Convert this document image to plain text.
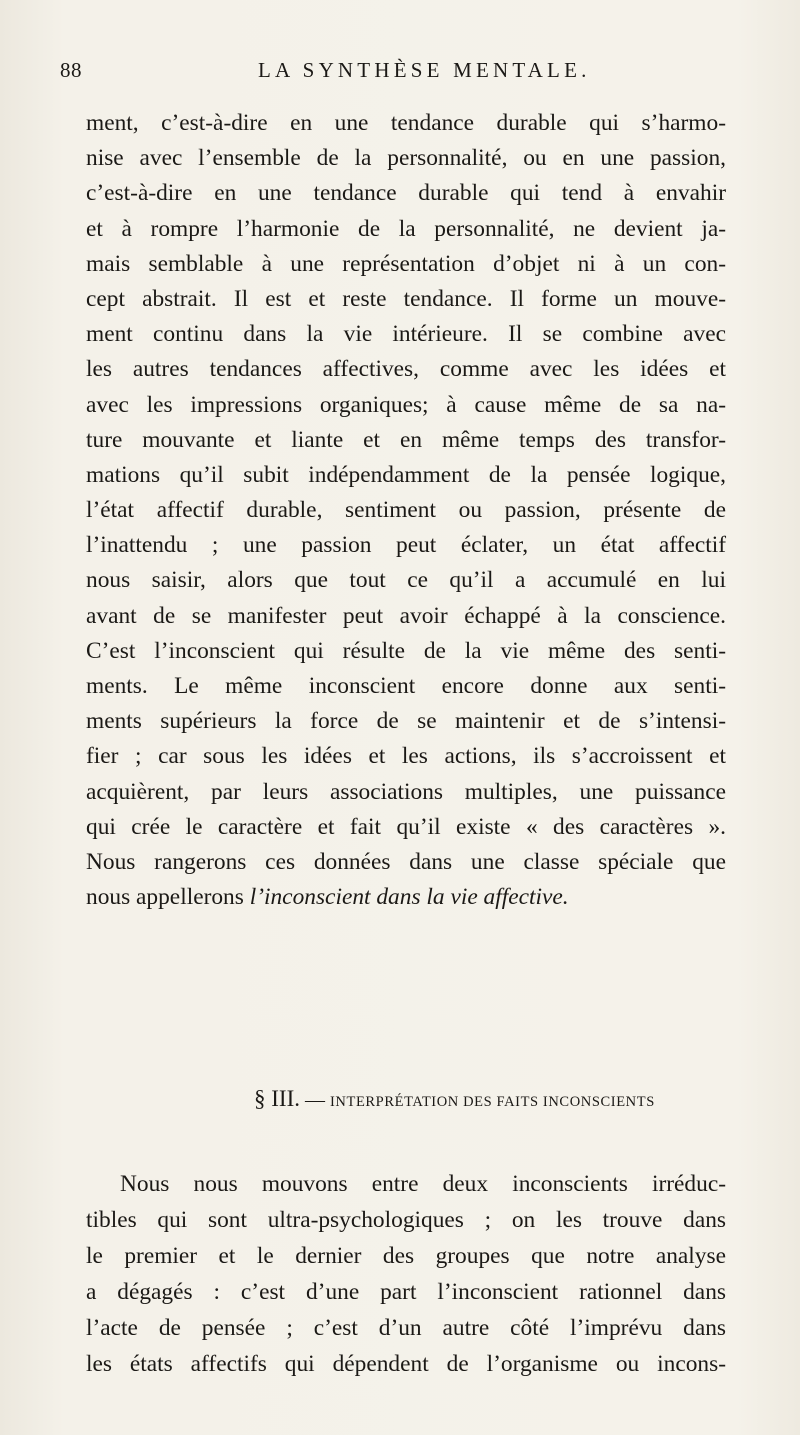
88	LA SYNTHÈSE MENTALE.
ment, c’est-à-dire en une tendance durable qui s’harmo-
nise avec l’ensemble de la personnalité, ou en une passion,
c’est-à-dire en une tendance durable qui tend à envahir
et à rompre l’harmonie de la personnalité, ne devient ja-
mais semblable à une représentation d’objet ni à un con-
cept abstrait. Il est et reste tendance. Il forme un mouve-
ment continu dans la vie intérieure. Il se combine avec
les autres tendances affectives, comme avec les idées et
avec les impressions organiques; à cause même de sa na-
ture mouvante et liante et en même temps des transfor-
mations qu’il subit indépendamment de la pensée logique,
l’état affectif durable, sentiment ou passion, présente de
l’inattendu ; une passion peut éclater, un état affectif
nous saisir, alors que tout ce qu’il a accumulé en lui
avant de se manifester peut avoir échappé à la conscience.
C’est l’inconscient qui résulte de la vie même des senti-
ments. Le même inconscient encore donne aux senti-
ments supérieurs la force de se maintenir et de s’intensi-
fier ; car sous les idées et les actions, ils s’accroissent et
acquièrent, par leurs associations multiples, une puissance
qui crée le caractère et fait qu’il existe « des caractères ».
Nous rangerons ces données dans une classe spéciale que
nous appellerons l’inconscient dans la vie affective.
§ III. — INTERPRÉTATION DES FAITS INCONSCIENTS
Nous nous mouvons entre deux inconscients irréduc-
tibles qui sont ultra-psychologiques ; on les trouve dans
le premier et le dernier des groupes que notre analyse
a dégagés : c’est d’une part l’inconscient rationnel dans
l’acte de pensée ; c’est d’un autre côté l’imprévu dans
les états affectifs qui dépendent de l’organisme ou incons-
